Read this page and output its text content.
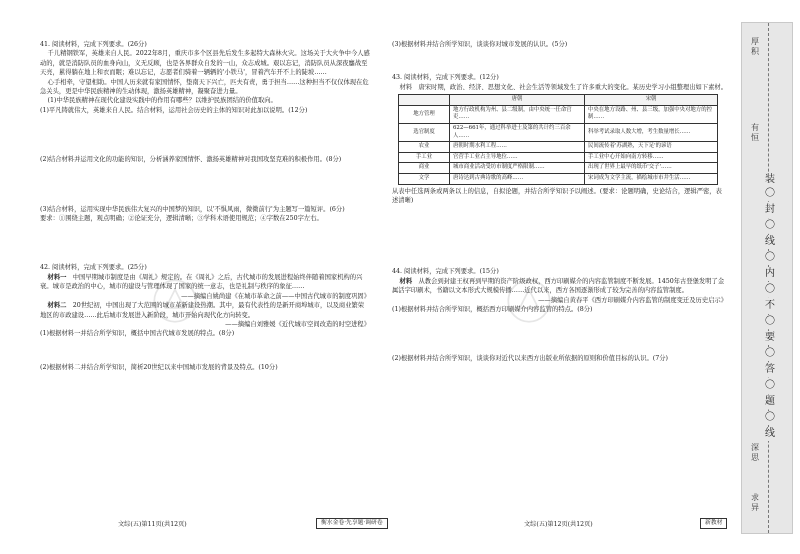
41. 阅读材料，完成下列要求。(26分)

千儿精钢铁军，英雄来自人民。2022年8月，重庆市多个区县先后发生多起特大森林火灾。这场关于大火争中今人感动的，就是消防队员的血身向山，义无反顾，也是各界群众自发的一山，众志成城。艰以忘记，消防队员从深夜鏖战至天亮，累得躺在地上和衣而眠；难以忘记，志愿者们骑着一辆辆的'小铁马'，冒着汽车开不上的陡坡……

心手相牵，守望相助。中国人历来就有家国情怀，垫南天下兴亡，匹夫有责，勇于担当……这种担当不仅仅体现在危急关头，更是中华民族精神的生动体现，激扬英雄精神，凝聚奋进力量。

(1)中华民族精神在现代化建设实践中的作用有哪些？以维护民族团结的价值取向。

(1)平凡铸就伟大，英雄来自人民。结合材料，运用社会历史的主体的知识对此加以说明。(12分)

(2)结合材料并运用文化的功能的知识，分析涵养家国情怀、激扬英雄精神对我国攻坚克难的积极作用。(8分)

(3)结合材料，运用实现中华民族伟大复兴的中国梦的知识，以'不惧风雨，微微前行'为主题写一篇短评。(6分)

要求：①围绕主题，观点明确；②论证充分，逻辑清晰；③学科术语使用规范；④字数在250字左右。

42. 阅读材料，完成下列要求。(25分)

材料一　 中国早期城市制度是由《周礼》规定的。在《周礼》之后，古代城市的发展进程始终伴随着国家机构的兴衰。城市是政治的中心，城市的建设与管理体现了国家的统一意志，也是礼制与秩序的象征……

——摘编自姚尚建《在城市革命之前——中国古代城市的制度巩固》

材料二　 20世纪初，中国出现了大范围的城市革新建设热潮。其中，最有代表性的是新开商埠城市，以及商业繁荣地区的市政建设……此后城市发展进入新阶段，城市开始向现代化方向转变。

——摘编自刘雅媛《近代城市空间改造的时空进程》

(1)根据材料一并结合所学知识，概括中国古代城市发展的特点。(8分)

(2)根据材料二并结合所学知识，简析20世纪以来中国城市发展的背景及特点。(10分)

(3)根据材料并结合所学知识，谈谈你对城市发展的认识。(5分)

43. 阅读材料，完成下列要求。(12分)

材料　唐宋时期，政治、经济、思想文化、社会生活等领域发生了许多重大的变化。某历史学习小组整理出如下素材。

	唐朝	宋朝
地方管理	地方行政机构为州、县二级制，由中央统一任命官吏……	中央在地方设路、州、县三级，加强中央对地方的控制……
选官制度	622—661年，通过科举进士及第的共计约三百余人……	科举考试录取人数大增，考生数量增长……
农业	唐朝时期水利工程……	民间流传着'苏湖熟，天下足'的谚语
手工业	官营手工业占主导地位……	手工业中心开始向南方转移……
商业	城市商业活动受坊市制度严格限制……	出现了世界上最早的纸币'交子'……
文学	唐诗达到古典诗歌的高峰……	宋词成为文学主流，描绘城市市井生活……

从表中任选两条或两条以上的信息，自拟论题，并结合所学知识予以阐述。(要求：论题明确，史论结合，逻辑严密，表述清晰)

44. 阅读材料，完成下列要求。(15分)

材料　 从教会到封建王权再到早期的资产阶级政权，西方印刷媒介的内容监管制度不断发展。1450年古登堡发明了金属活字印刷术，书籍以文本形式大规模传播……近代以来，西方各国逐渐形成了较为完善的内容监管制度。

——摘编自黄春平《西方印刷媒介内容监管的制度变迁及历史启示》

(1)根据材料并结合所学知识，概括西方印刷媒介内容监管的特点。(8分)

(2)根据材料并结合所学知识，谈谈你对近代以来西方出版业所依据的原则和价值目标的认识。(7分)

文综(五)第11页(共12页)	衡水金卷·先享题·调研卷	文综(五)第12页(共12页)	新教材
厚积
有恒
装
〇
封
〇
线
〇
内
〇
不
〇
要
〇
答
〇
题
〇
线
深思
求异
